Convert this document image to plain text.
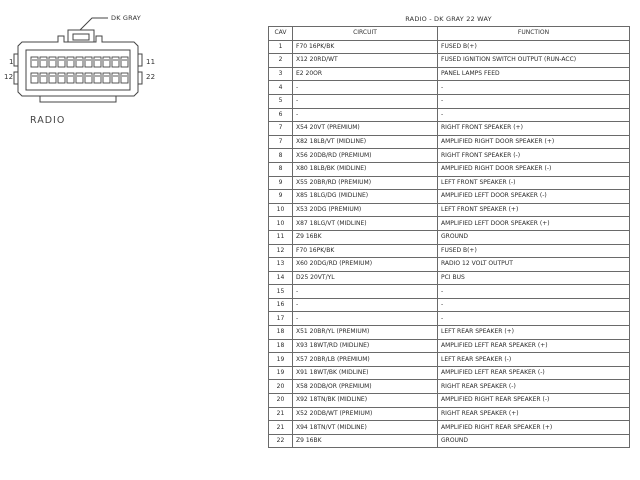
DK GRAY
1	11
12	22
RADIO
RADIO - DK GRAY 22 WAY
CAV	CIRCUIT	FUNCTION
1	F70 16PK/BK	FUSED B(+)
2	X12 20RD/WT	FUSED IGNITION SWITCH OUTPUT (RUN-ACC)
3	E2 20OR	PANEL LAMPS FEED
4	-	-
5	-	-
6	-	-
7	X54 20VT (PREMIUM)	RIGHT FRONT SPEAKER (+)
7	X82 18LB/VT (MIDLINE)	AMPLIFIED RIGHT DOOR SPEAKER (+)
8	X56 20DB/RD (PREMIUM)	RIGHT FRONT SPEAKER (-)
8	X80 18LB/BK (MIDLINE)	AMPLIFIED RIGHT DOOR SPEAKER (-)
9	X55 20BR/RD (PREMIUM)	LEFT FRONT SPEAKER (-)
9	X85 18LG/DG (MIDLINE)	AMPLIFIED LEFT DOOR SPEAKER (-)
10	X53 20DG (PREMIUM)	LEFT FRONT SPEAKER (+)
10	X87 18LG/VT (MIDLINE)	AMPLIFIED LEFT DOOR SPEAKER (+)
11	Z9 16BK	GROUND
12	F70 16PK/BK	FUSED B(+)
13	X60 20DG/RD (PREMIUM)	RADIO 12 VOLT OUTPUT
14	D25 20VT/YL	PCI BUS
15	-	-
16	-	-
17	-	-
18	X51 20BR/YL (PREMIUM)	LEFT REAR SPEAKER (+)
18	X93 18WT/RD (MIDLINE)	AMPLIFIED LEFT REAR SPEAKER (+)
19	X57 20BR/LB (PREMIUM)	LEFT REAR SPEAKER (-)
19	X91 18WT/BK (MIDLINE)	AMPLIFIED LEFT REAR SPEAKER (-)
20	X58 20DB/OR (PREMIUM)	RIGHT REAR SPEAKER (-)
20	X92 18TN/BK (MIDLINE)	AMPLIFIED RIGHT REAR SPEAKER (-)
21	X52 20DB/WT (PREMIUM)	RIGHT REAR SPEAKER (+)
21	X94 18TN/VT (MIDLINE)	AMPLIFIED RIGHT REAR SPEAKER (+)
22	Z9 16BK	GROUND
